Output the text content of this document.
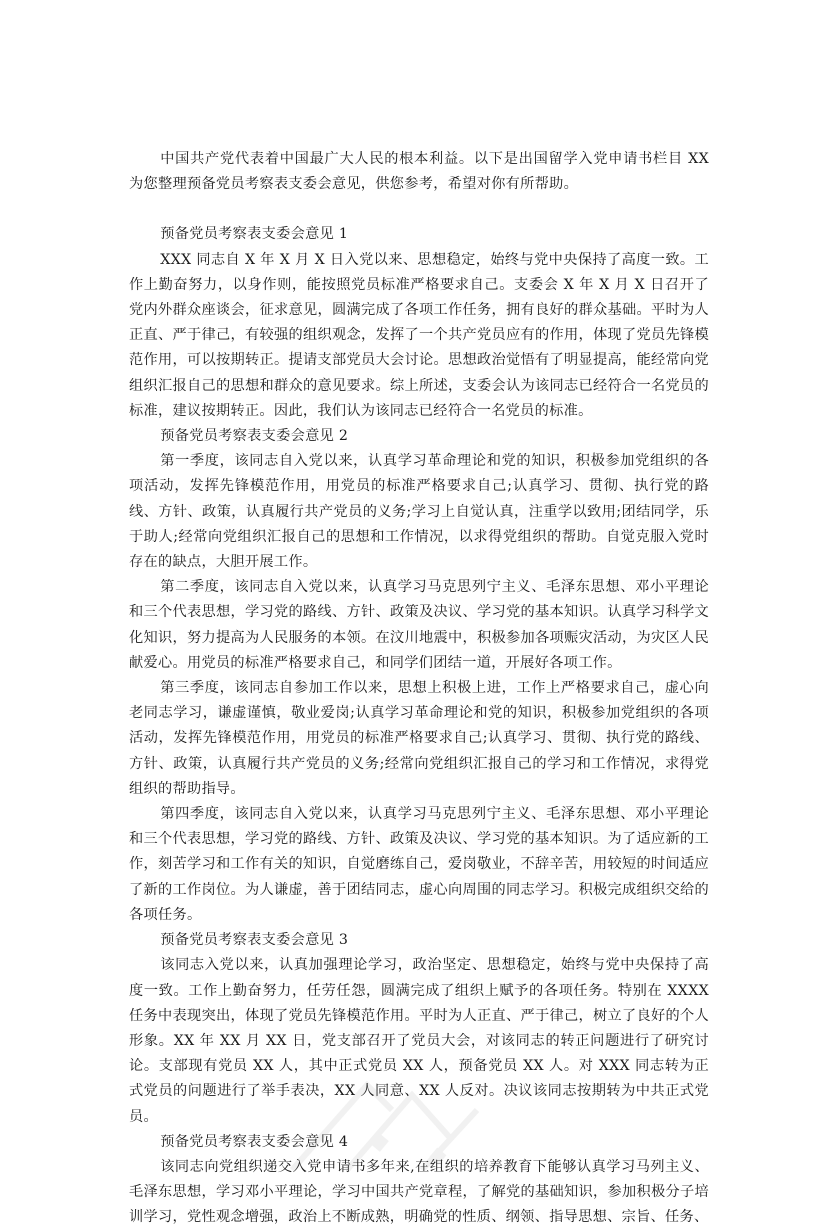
中国共产党代表着中国最广大人民的根本利益。以下是出国留学入党申请书栏目 XX 为您整理预备党员考察表支委会意见，供您参考，希望对你有所帮助。

预备党员考察表支委会意见 1

XXX 同志自 X 年 X 月 X 日入党以来、思想稳定，始终与党中央保持了高度一致。工作上勤奋努力，以身作则，能按照党员标准严格要求自己。支委会 X 年 X 月 X 日召开了党内外群众座谈会，征求意见，圆满完成了各项工作任务，拥有良好的群众基础。平时为人正直、严于律己，有较强的组织观念，发挥了一个共产党员应有的作用，体现了党员先锋模范作用，可以按期转正。提请支部党员大会讨论。思想政治觉悟有了明显提高，能经常向党组织汇报自己的思想和群众的意见要求。综上所述，支委会认为该同志已经符合一名党员的标准，建议按期转正。因此，我们认为该同志已经符合一名党员的标准。

预备党员考察表支委会意见 2

第一季度，该同志自入党以来，认真学习革命理论和党的知识，积极参加党组织的各项活动，发挥先锋模范作用，用党员的标准严格要求自己;认真学习、贯彻、执行党的路线、方针、政策，认真履行共产党员的义务;学习上自觉认真，注重学以致用;团结同学，乐于助人;经常向党组织汇报自己的思想和工作情况，以求得党组织的帮助。自觉克服入党时存在的缺点，大胆开展工作。

第二季度，该同志自入党以来，认真学习马克思列宁主义、毛泽东思想、邓小平理论和三个代表思想，学习党的路线、方针、政策及决议、学习党的基本知识。认真学习科学文化知识，努力提高为人民服务的本领。在汶川地震中，积极参加各项赈灾活动，为灾区人民献爱心。用党员的标准严格要求自己，和同学们团结一道，开展好各项工作。

第三季度，该同志自参加工作以来，思想上积极上进，工作上严格要求自己，虚心向老同志学习，谦虚谨慎，敬业爱岗;认真学习革命理论和党的知识，积极参加党组织的各项活动，发挥先锋模范作用，用党员的标准严格要求自己;认真学习、贯彻、执行党的路线、方针、政策，认真履行共产党员的义务;经常向党组织汇报自己的学习和工作情况，求得党组织的帮助指导。

第四季度，该同志自入党以来，认真学习马克思列宁主义、毛泽东思想、邓小平理论和三个代表思想，学习党的路线、方针、政策及决议、学习党的基本知识。为了适应新的工作，刻苦学习和工作有关的知识，自觉磨练自己，爱岗敬业，不辞辛苦，用较短的时间适应了新的工作岗位。为人谦虚，善于团结同志，虚心向周围的同志学习。积极完成组织交给的各项任务。

预备党员考察表支委会意见 3

该同志入党以来，认真加强理论学习，政治坚定、思想稳定，始终与党中央保持了高度一致。工作上勤奋努力，任劳任怨，圆满完成了组织上赋予的各项任务。特别在 XXXX 任务中表现突出，体现了党员先锋模范作用。平时为人正直、严于律己，树立了良好的个人形象。XX 年 XX 月 XX 日，党支部召开了党员大会，对该同志的转正问题进行了研究讨论。支部现有党员 XX 人，其中正式党员 XX 人，预备党员 XX 人。对 XXX 同志转为正式党员的问题进行了举手表决，XX 人同意、XX 人反对。决议该同志按期转为中共正式党员。

预备党员考察表支委会意见 4

该同志向党组织递交入党申请书多年来,在组织的培养教育下能够认真学习马列主义、毛泽东思想，学习邓小平理论，学习中国共产党章程，了解党的基础知识，参加积极分子培训学习，党性观念增强，政治上不断成熟，明确党的性质、纲领、指导思想、宗旨、任务、
